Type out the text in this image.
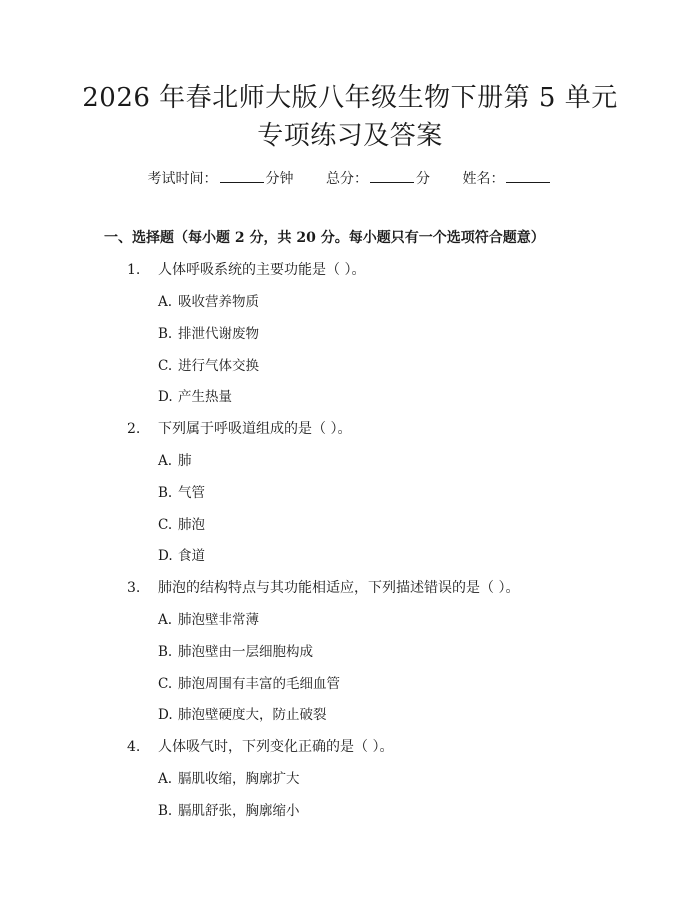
2026 年春北师大版八年级生物下册第 5 单元
专项练习及答案
考试时间：	分钟 总分：	分 姓名：
一、选择题（每小题 2 分，共 20 分。每小题只有一个选项符合题意）
1. 人体呼吸系统的主要功能是（ ）。
A. 吸收营养物质
B. 排泄代谢废物
C. 进行气体交换
D. 产生热量
2. 下列属于呼吸道组成的是（ ）。
A. 肺
B. 气管
C. 肺泡
D. 食道
3. 肺泡的结构特点与其功能相适应，下列描述错误的是（ ）。
A. 肺泡壁非常薄
B. 肺泡壁由一层细胞构成
C. 肺泡周围有丰富的毛细血管
D. 肺泡壁硬度大，防止破裂
4. 人体吸气时，下列变化正确的是（ ）。
A. 膈肌收缩，胸廓扩大
B. 膈肌舒张，胸廓缩小
